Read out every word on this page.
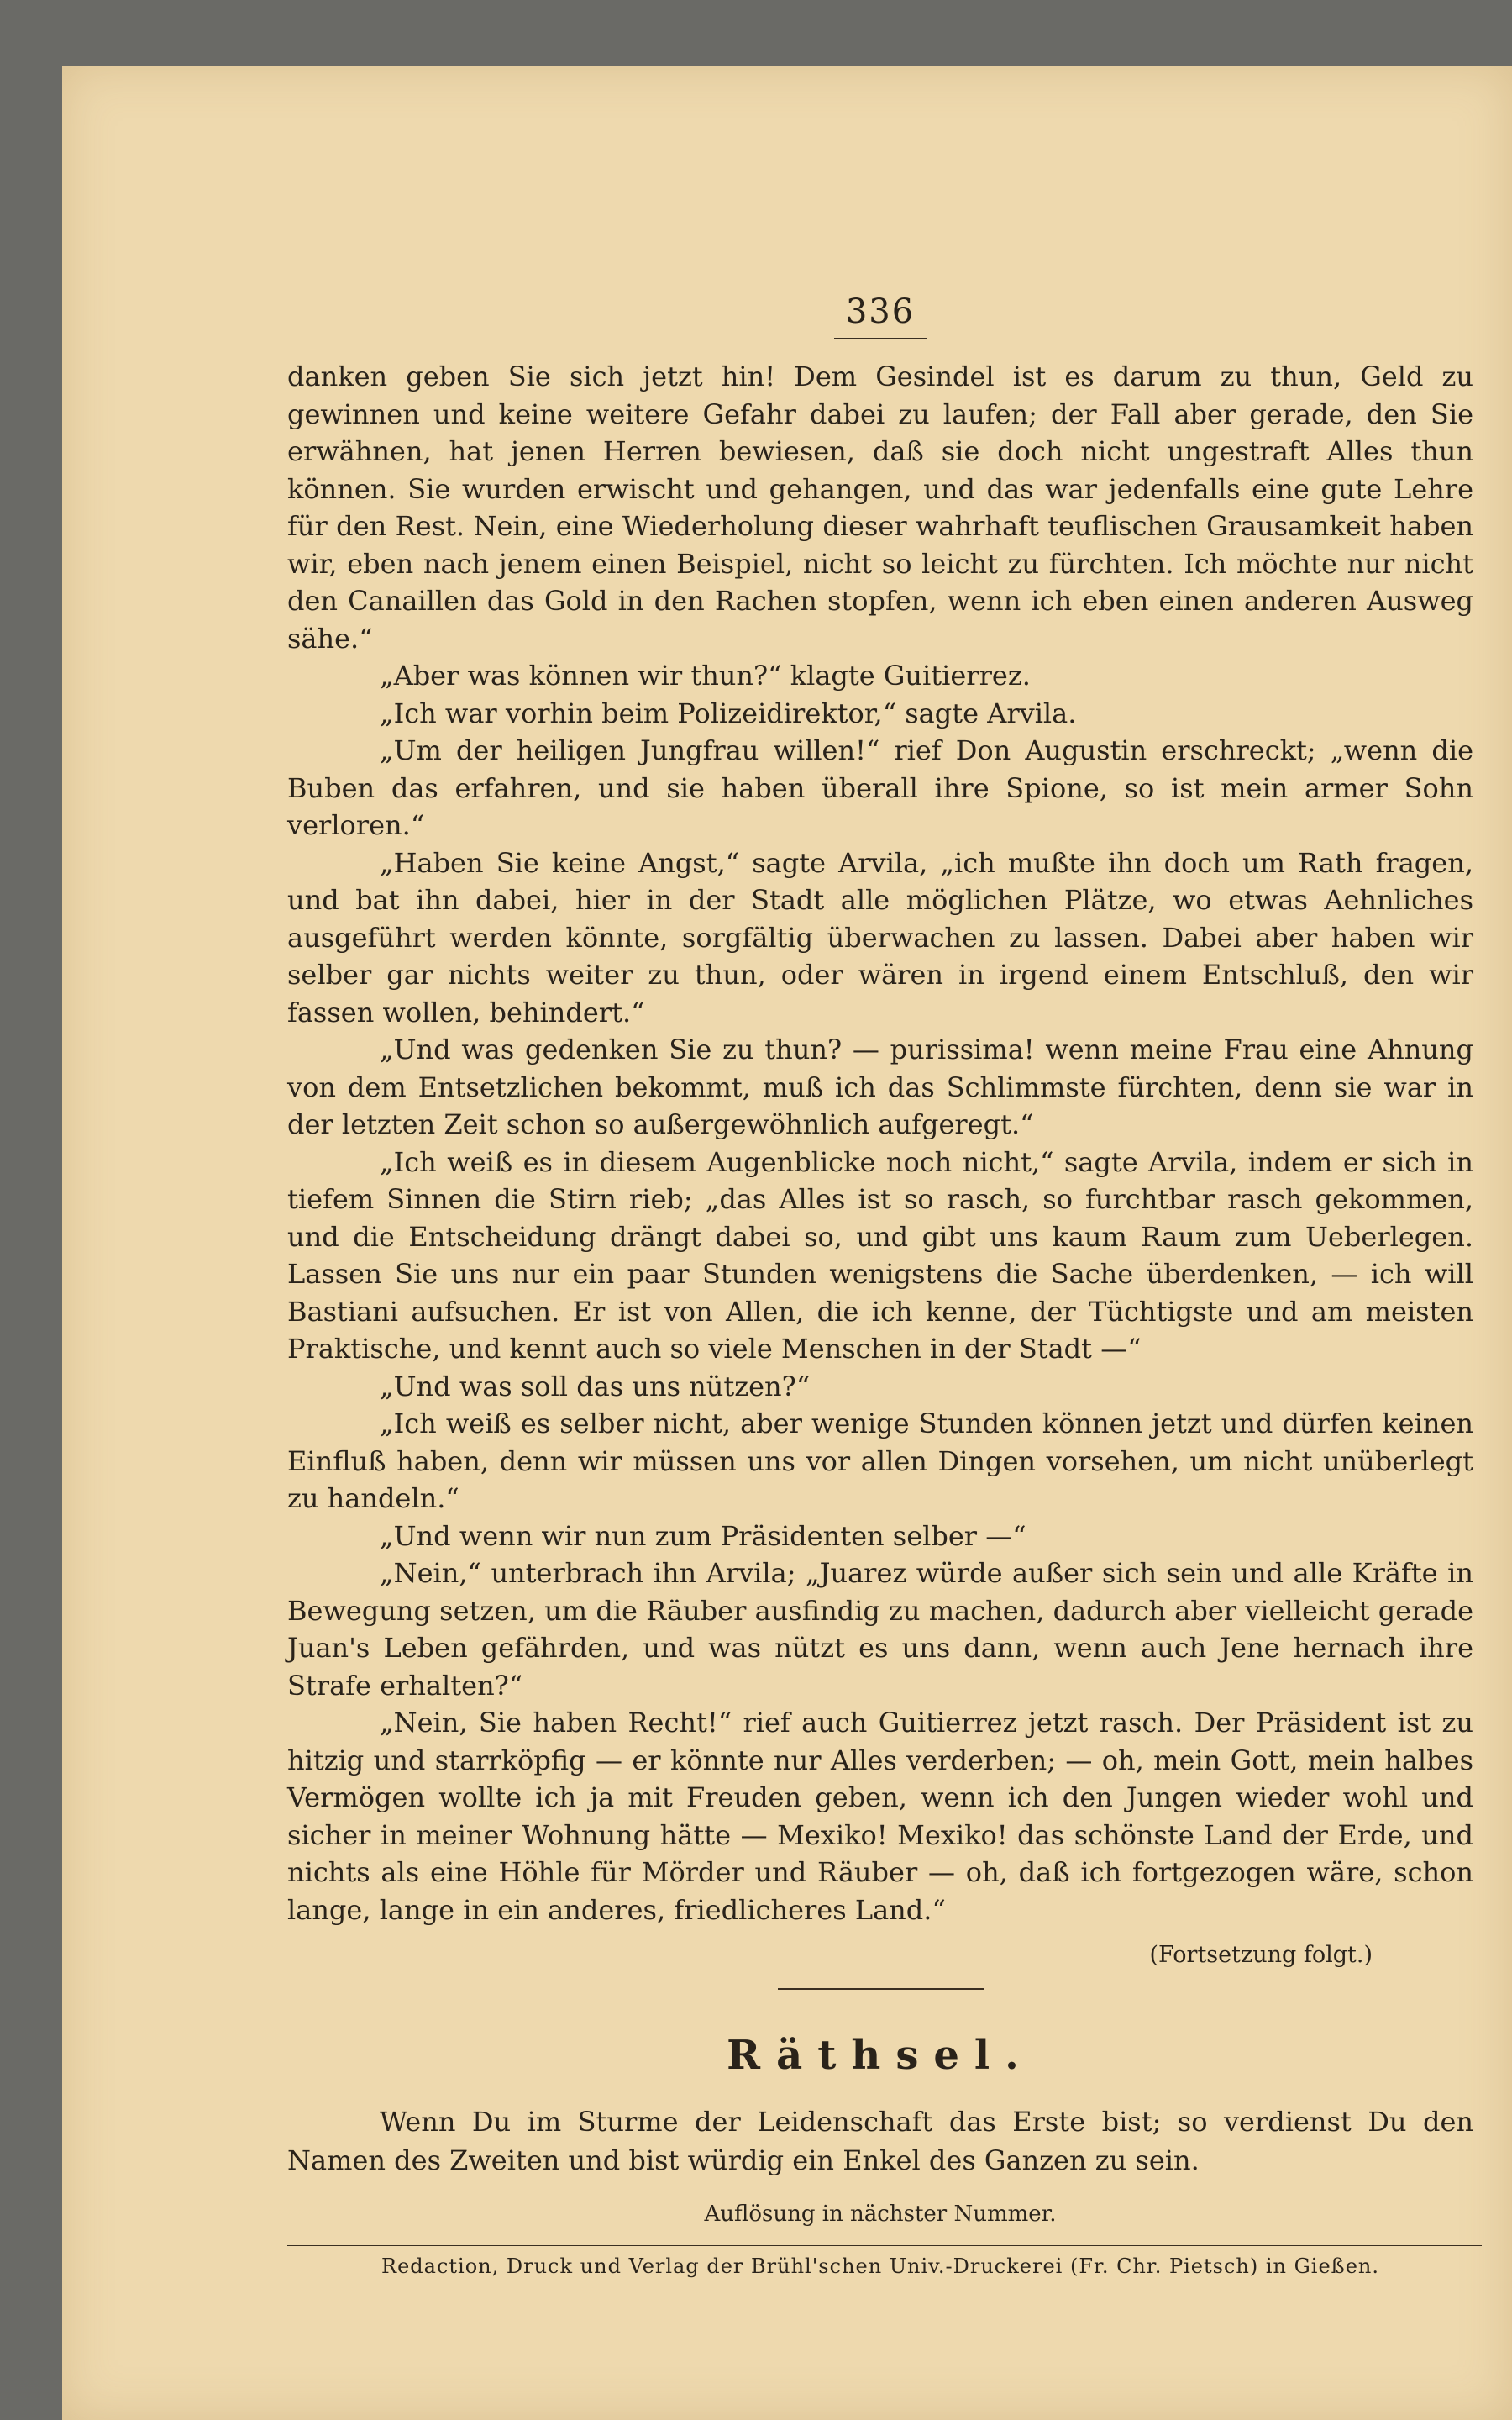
336

danken geben Sie sich jetzt hin! Dem Gesindel ist es darum zu thun, Geld zu gewinnen und keine weitere Gefahr dabei zu laufen; der Fall aber gerade, den Sie erwähnen, hat jenen Herren bewiesen, daß sie doch nicht ungestraft Alles thun können. Sie wurden erwischt und gehangen, und das war jedenfalls eine gute Lehre für den Rest. Nein, eine Wiederholung dieser wahrhaft teuflischen Grausamkeit haben wir, eben nach jenem einen Beispiel, nicht so leicht zu fürchten. Ich möchte nur nicht den Canaillen das Gold in den Rachen stopfen, wenn ich eben einen anderen Ausweg sähe.“

„Aber was können wir thun?“ klagte Guitierrez.

„Ich war vorhin beim Polizeidirektor,“ sagte Arvila.

„Um der heiligen Jungfrau willen!“ rief Don Augustin erschreckt; „wenn die Buben das erfahren, und sie haben überall ihre Spione, so ist mein armer Sohn verloren.“

„Haben Sie keine Angst,“ sagte Arvila, „ich mußte ihn doch um Rath fragen, und bat ihn dabei, hier in der Stadt alle möglichen Plätze, wo etwas Aehnliches ausgeführt werden könnte, sorgfältig überwachen zu lassen. Dabei aber haben wir selber gar nichts weiter zu thun, oder wären in irgend einem Entschluß, den wir fassen wollen, behindert.“

„Und was gedenken Sie zu thun? — purissima! wenn meine Frau eine Ahnung von dem Entsetzlichen bekommt, muß ich das Schlimmste fürchten, denn sie war in der letzten Zeit schon so außergewöhnlich aufgeregt.“

„Ich weiß es in diesem Augenblicke noch nicht,“ sagte Arvila, indem er sich in tiefem Sinnen die Stirn rieb; „das Alles ist so rasch, so furchtbar rasch gekommen, und die Entscheidung drängt dabei so, und gibt uns kaum Raum zum Ueberlegen. Lassen Sie uns nur ein paar Stunden wenigstens die Sache überdenken, — ich will Bastiani aufsuchen. Er ist von Allen, die ich kenne, der Tüchtigste und am meisten Praktische, und kennt auch so viele Menschen in der Stadt —“

„Und was soll das uns nützen?“

„Ich weiß es selber nicht, aber wenige Stunden können jetzt und dürfen keinen Einfluß haben, denn wir müssen uns vor allen Dingen vorsehen, um nicht unüberlegt zu handeln.“

„Und wenn wir nun zum Präsidenten selber —“

„Nein,“ unterbrach ihn Arvila; „Juarez würde außer sich sein und alle Kräfte in Bewegung setzen, um die Räuber ausfindig zu machen, dadurch aber vielleicht gerade Juan's Leben gefährden, und was nützt es uns dann, wenn auch Jene hernach ihre Strafe erhalten?“

„Nein, Sie haben Recht!“ rief auch Guitierrez jetzt rasch. Der Präsident ist zu hitzig und starrköpfig — er könnte nur Alles verderben; — oh, mein Gott, mein halbes Vermögen wollte ich ja mit Freuden geben, wenn ich den Jungen wieder wohl und sicher in meiner Wohnung hätte — Mexiko! Mexiko! das schönste Land der Erde, und nichts als eine Höhle für Mörder und Räuber — oh, daß ich fortgezogen wäre, schon lange, lange in ein anderes, friedlicheres Land.“

(Fortsetzung folgt.)
Räthsel.

Wenn Du im Sturme der Leidenschaft das Erste bist; so verdienst Du den Namen des Zweiten und bist würdig ein Enkel des Ganzen zu sein.

Auflösung in nächster Nummer.
Redaction, Druck und Verlag der Brühl'schen Univ.-Druckerei (Fr. Chr. Pietsch) in Gießen.
